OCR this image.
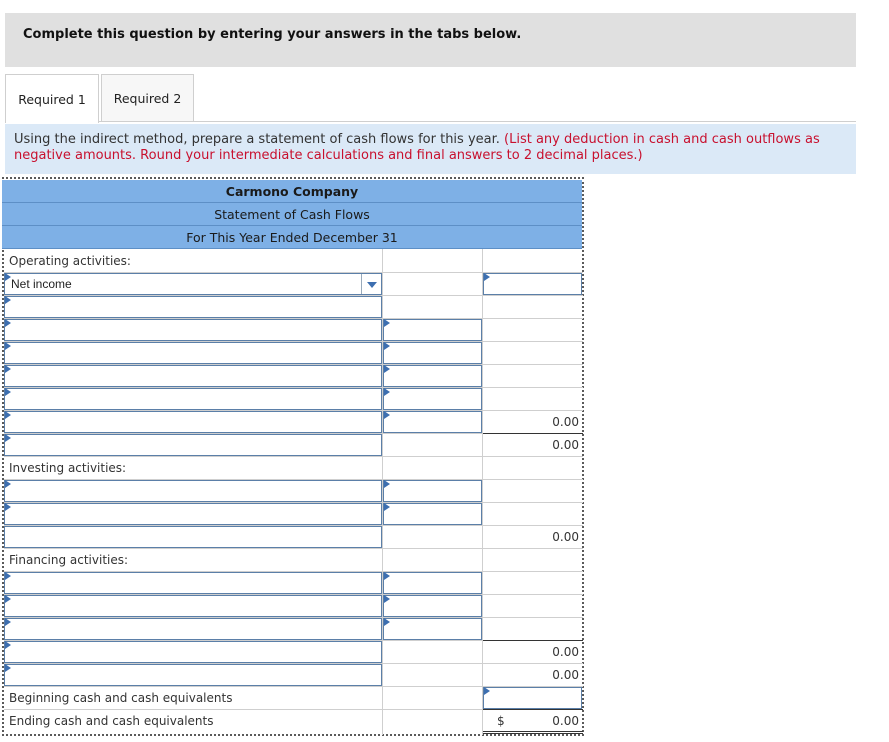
Complete this question by entering your answers in the tabs below.
Required 1 Required 2
Using the indirect method, prepare a statement of cash flows for this year. (List any deduction in cash and cash outflows as negative amounts. Round your intermediate calculations and final answers to 2 decimal places.)
Carmono Company
Statement of Cash Flows
For This Year Ended December 31
Operating activities:
Net income
0.00
0.00
Investing activities:
0.00
Financing activities:
0.00
0.00
Beginning cash and cash equivalents
Ending cash and cash equivalents	$	0.00
